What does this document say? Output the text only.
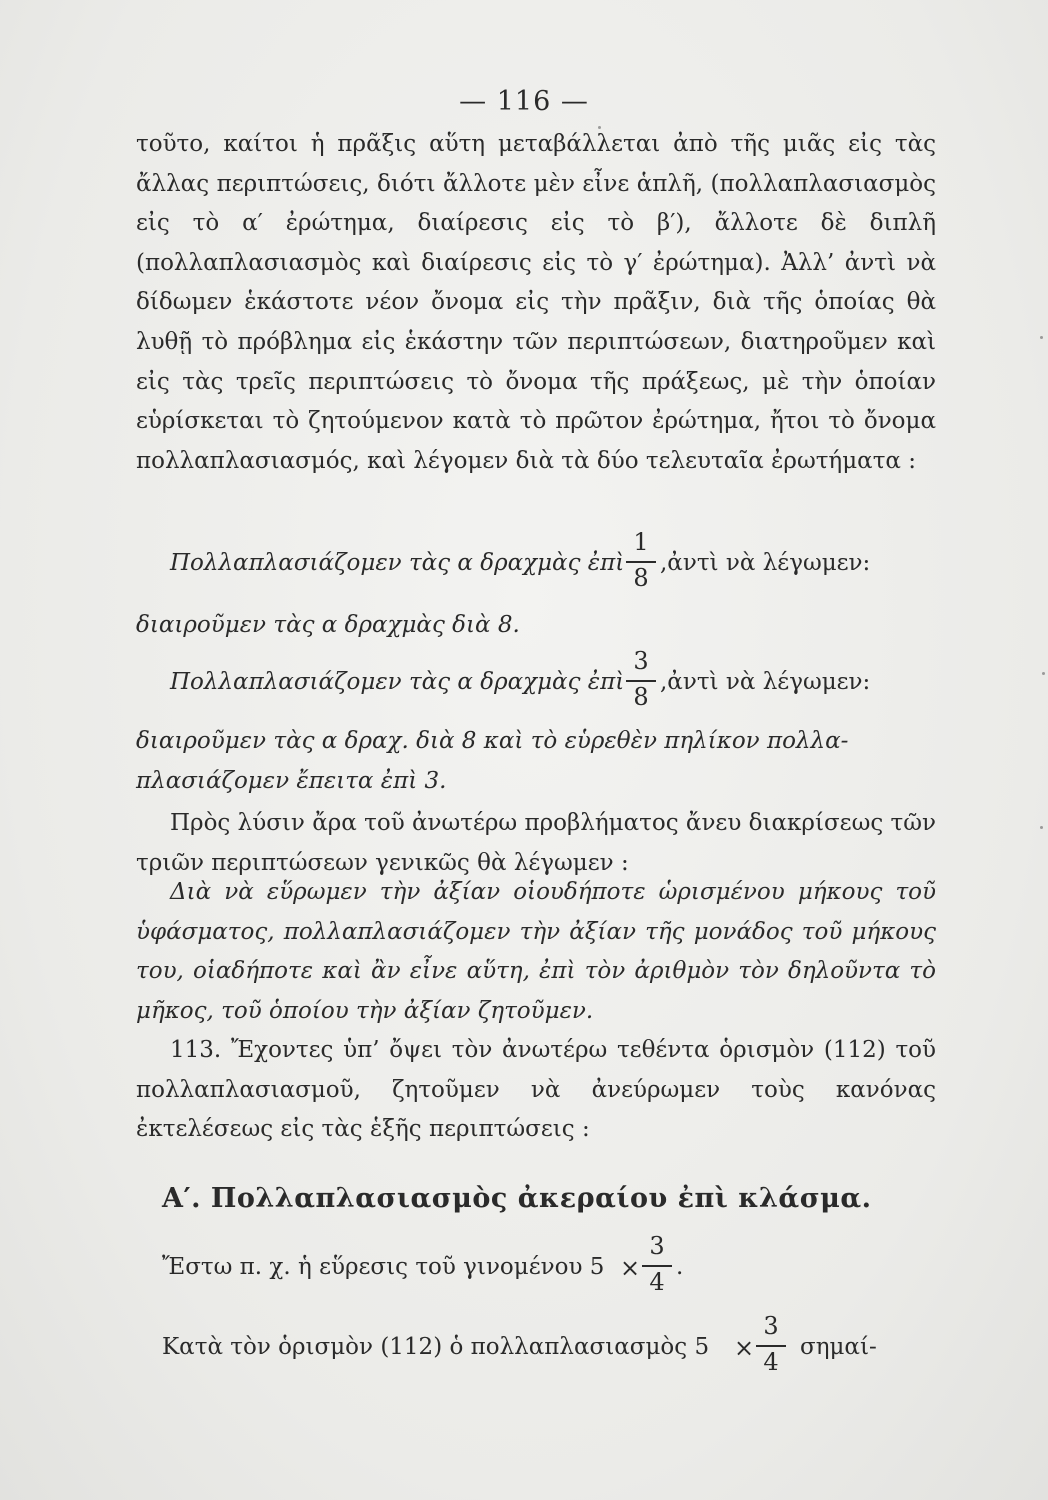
— 116 —

τοῦτο, καίτοι ἡ πρᾶξις αὕτη μεταβάλλεται ἀπὸ τῆς μιᾶς εἰς τὰς ἄλλας περιπτώσεις, διότι ἄλλοτε μὲν εἶνε ἁπλῆ, (πολλαπλασιασμὸς εἰς τὸ α′ ἐρώτημα, διαίρεσις εἰς τὸ β′), ἄλλοτε δὲ διπλῆ (πολλαπλασιασμὸς καὶ διαίρεσις εἰς τὸ γ′ ἐρώτημα). Ἀλλ’ ἀντὶ νὰ δίδωμεν ἑκάστοτε νέον ὄνομα εἰς τὴν πρᾶξιν, διὰ τῆς ὁποίας θὰ λυθῇ τὸ πρόβλημα εἰς ἑκάστην τῶν περιπτώσεων, διατηροῦμεν καὶ εἰς τὰς τρεῖς περιπτώσεις τὸ ὄνομα τῆς πράξεως, μὲ τὴν ὁποίαν εὑρίσκεται τὸ ζητούμενον κατὰ τὸ πρῶτον ἐρώτημα, ἤτοι τὸ ὄνομα πολλαπλασιασμός, καὶ λέγομεν διὰ τὰ δύο τελευταῖα ἐρωτήματα :

Πολλαπλασιάζομεν τὰς α δραχμὰς ἐπὶ
1
8
,ἀντὶ νὰ λέγωμεν:
διαιροῦμεν τὰς α δραχμὰς διὰ 8.
Πολλαπλασιάζομεν τὰς α δραχμὰς ἐπὶ
3
8
,ἀντὶ νὰ λέγωμεν:
διαιροῦμεν τὰς α δραχ. διὰ 8 καὶ τὸ εὑρεθὲν πηλίκον πολλα-
πλασιάζομεν ἔπειτα ἐπὶ 3.

Πρὸς λύσιν ἄρα τοῦ ἀνωτέρω προβλήματος ἄνευ διακρίσεως τῶν τριῶν περιπτώσεων γενικῶς θὰ λέγωμεν :

Διὰ νὰ εὕρωμεν τὴν ἀξίαν οἱουδήποτε ὡρισμένου μήκους τοῦ ὑφάσματος, πολλαπλασιάζομεν τὴν ἀξίαν τῆς μονάδος τοῦ μήκους του, οἱαδήποτε καὶ ἂν εἶνε αὕτη, ἐπὶ τὸν ἀριθμὸν τὸν δηλοῦντα τὸ μῆκος, τοῦ ὁποίου τὴν ἀξίαν ζητοῦμεν.

113. Ἔχοντες ὑπ’ ὄψει τὸν ἀνωτέρω τεθέντα ὁρισμὸν (112) τοῦ πολλαπλασιασμοῦ, ζητοῦμεν νὰ ἀνεύρωμεν τοὺς κανόνας ἐκτελέσεως εἰς τὰς ἑξῆς περιπτώσεις :

Α′. Πολλαπλασιασμὸς ἀκεραίου ἐπὶ κλάσμα.
Ἔστω π. χ. ἡ εὕρεσις τοῦ γινομένου 5 ×
3
4
.
Κατὰ τὸν ὁρισμὸν (112) ὁ πολλαπλασιασμὸς 5 ×
3
4
σημαί-
